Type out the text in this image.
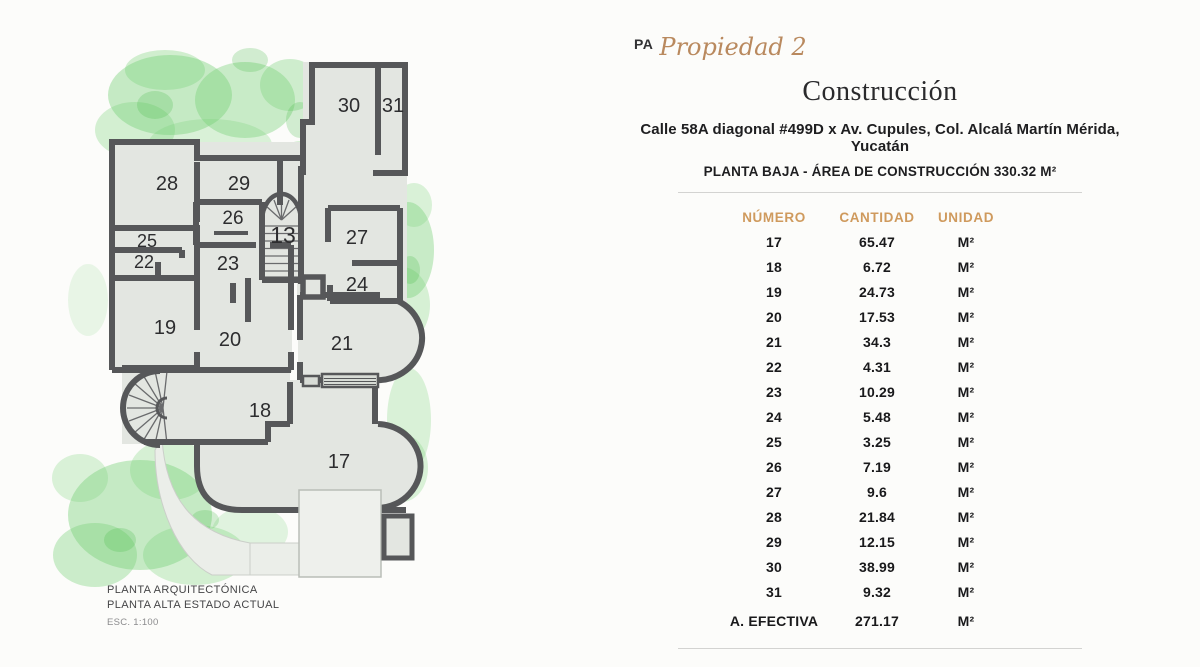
30 31
28 29
26
13	27
25
22	23
24
19
20	21
18
17
PLANTA ARQUITECTÓNICA
PLANTA ALTA ESTADO ACTUAL
ESC. 1:100
PA Propiedad 2
Construcción
Calle 58A diagonal #499D x Av. Cupules, Col. Alcalá Martín Mérida, Yucatán
PLANTA BAJA - ÁREA DE CONSTRUCCIÓN 330.32 M²
NÚMERO CANTIDAD UNIDAD
17	65.47	M²
18	6.72	M²
19	24.73	M²
20	17.53	M²
21	34.3	M²
22	4.31	M²
23	10.29	M²
24	5.48	M²
25	3.25	M²
26	7.19	M²
27	9.6	M²
28	21.84	M²
29	12.15	M²
30	38.99	M²
31	9.32	M²
A. EFECTIVA	271.17	M²
